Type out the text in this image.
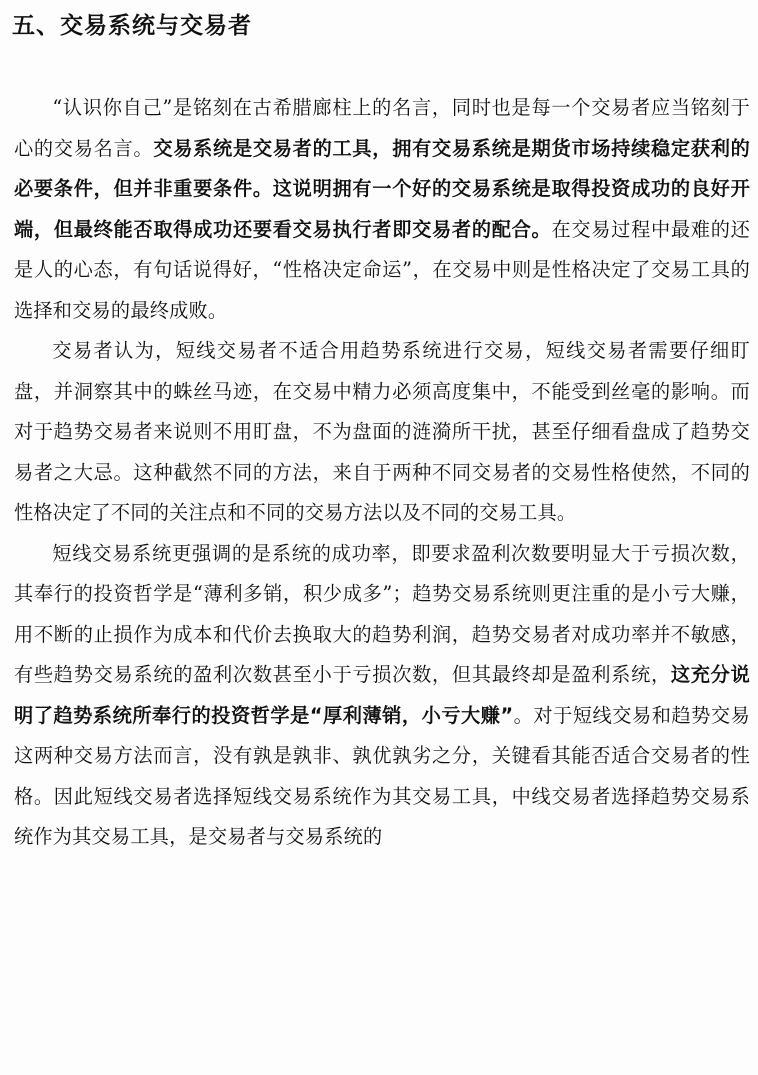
五、交易系统与交易者

“认识你自己”是铭刻在古希腊廊柱上的名言，同时也是每一个交易者应当铭刻于心的交易名言。交易系统是交易者的工具，拥有交易系统是期货市场持续稳定获利的必要条件，但并非重要条件。这说明拥有一个好的交易系统是取得投资成功的良好开端，但最终能否取得成功还要看交易执行者即交易者的配合。在交易过程中最难的还是人的心态，有句话说得好，“性格决定命运”，在交易中则是性格决定了交易工具的选择和交易的最终成败。

交易者认为，短线交易者不适合用趋势系统进行交易，短线交易者需要仔细盯盘，并洞察其中的蛛丝马迹，在交易中精力必须高度集中，不能受到丝毫的影响。而对于趋势交易者来说则不用盯盘，不为盘面的涟漪所干扰，甚至仔细看盘成了趋势交易者之大忌。这种截然不同的方法，来自于两种不同交易者的交易性格使然，不同的性格决定了不同的关注点和不同的交易方法以及不同的交易工具。

短线交易系统更强调的是系统的成功率，即要求盈利次数要明显大于亏损次数，其奉行的投资哲学是“薄利多销，积少成多”；趋势交易系统则更注重的是小亏大赚，用不断的止损作为成本和代价去换取大的趋势利润，趋势交易者对成功率并不敏感，有些趋势交易系统的盈利次数甚至小于亏损次数，但其最终却是盈利系统，这充分说明了趋势系统所奉行的投资哲学是“厚利薄销，小亏大赚”。对于短线交易和趋势交易这两种交易方法而言，没有孰是孰非、孰优孰劣之分，关键看其能否适合交易者的性格。因此短线交易者选择短线交易系统作为其交易工具，中线交易者选择趋势交易系统作为其交易工具，是交易者与交易系统的
